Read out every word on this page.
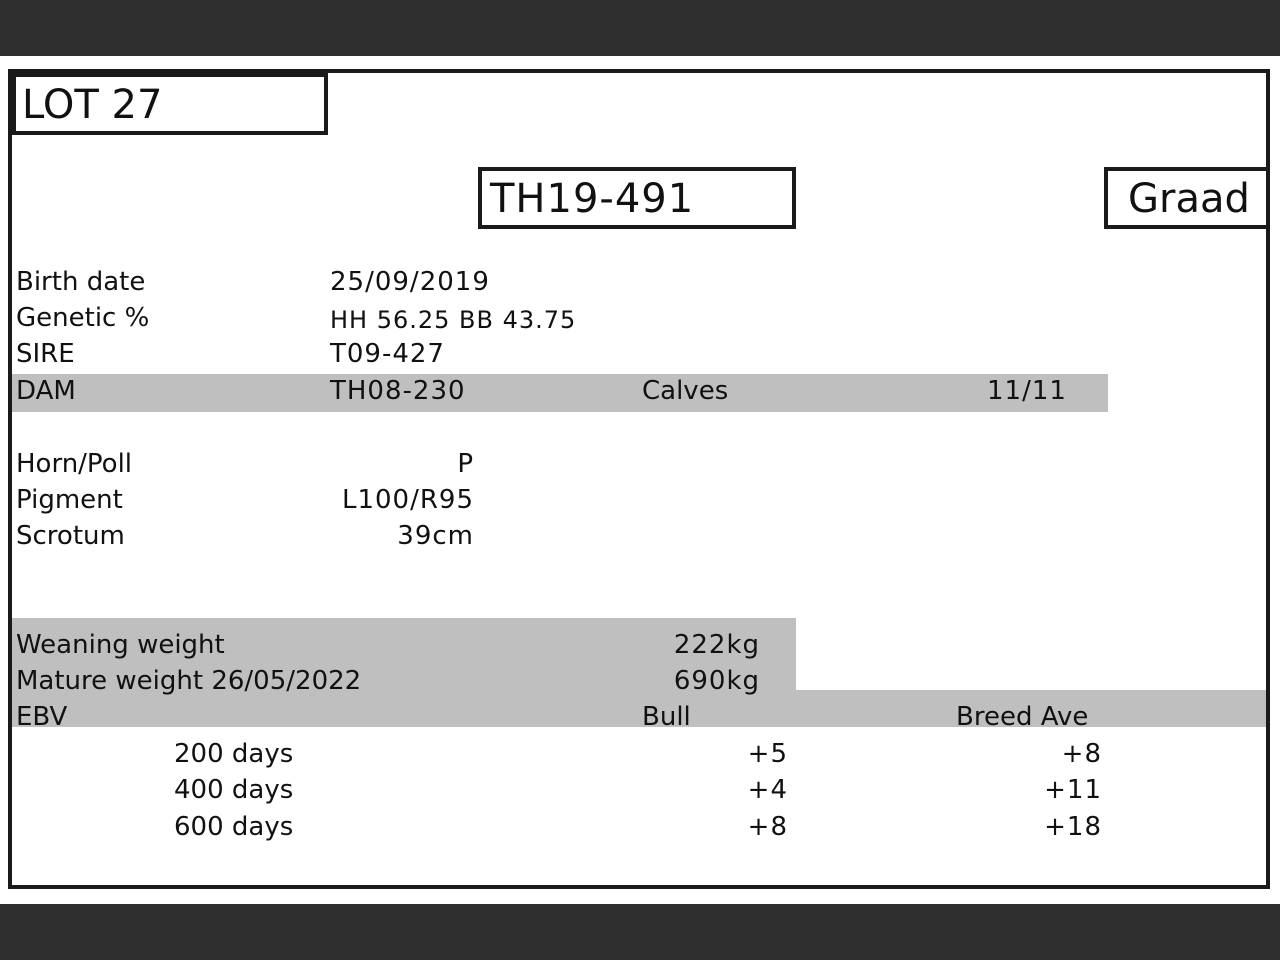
LOT 27
TH19-491	Graad
Birth date	25/09/2019
Genetic %	HH 56.25 BB 43.75
SIRE	T09-427
DAM	TH08-230	Calves	11/11
Horn/Poll	P
Pigment	L100/R95
Scrotum	39cm
Weaning weight	222kg
Mature weight 26/05/2022	690kg
EBV	Bull	Breed Ave
200 days	+5	+8
400 days	+4	+11
600 days	+8	+18
